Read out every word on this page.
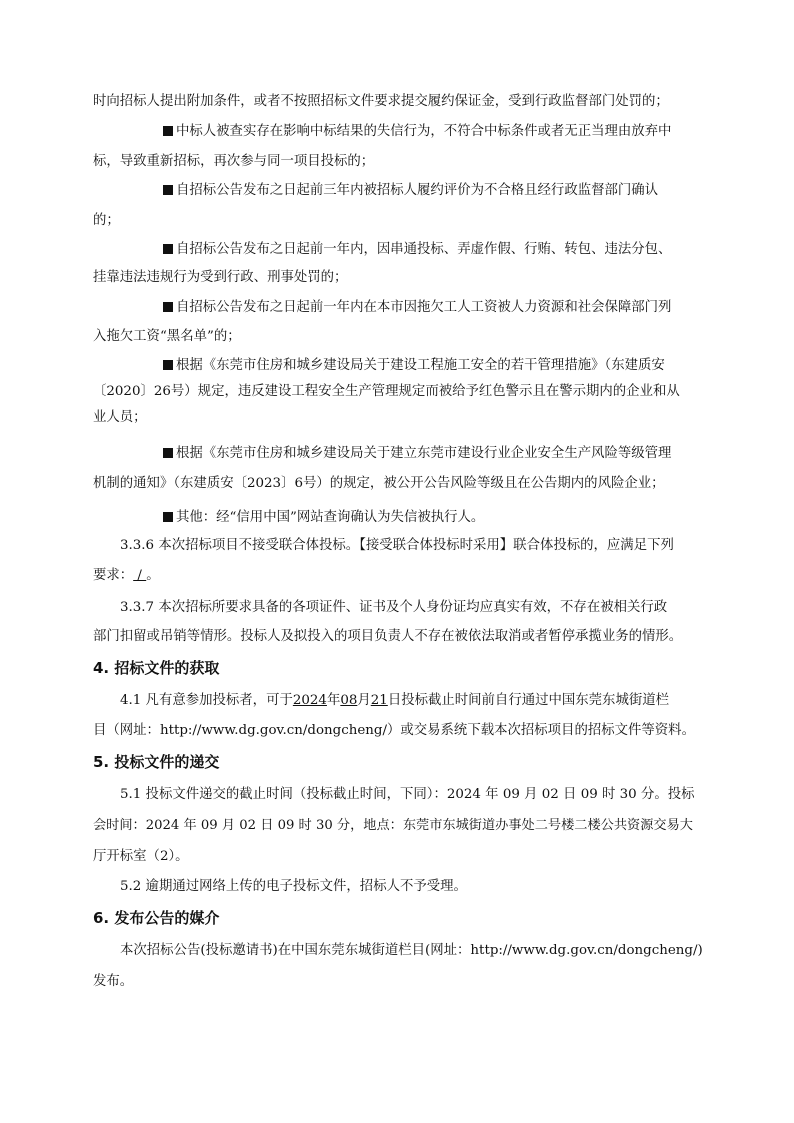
时向招标人提出附加条件，或者不按照招标文件要求提交履约保证金，受到行政监督部门处罚的；
中标人被查实存在影响中标结果的失信行为，不符合中标条件或者无正当理由放弃中
标，导致重新招标，再次参与同一项目投标的；
自招标公告发布之日起前三年内被招标人履约评价为不合格且经行政监督部门确认
的；
自招标公告发布之日起前一年内，因串通投标、弄虚作假、行贿、转包、违法分包、
挂靠违法违规行为受到行政、刑事处罚的；
自招标公告发布之日起前一年内在本市因拖欠工人工资被人力资源和社会保障部门列
入拖欠工资“黑名单”的；
根据《东莞市住房和城乡建设局关于建设工程施工安全的若干管理措施》（东建质安
〔2020〕26号）规定，违反建设工程安全生产管理规定而被给予红色警示且在警示期内的企业和从
业人员；
根据《东莞市住房和城乡建设局关于建立东莞市建设行业企业安全生产风险等级管理
机制的通知》（东建质安〔2023〕6号）的规定，被公开公告风险等级且在公告期内的风险企业；
其他：经“信用中国”网站查询确认为失信被执行人。
3.3.6 本次招标项目不接受联合体投标。【接受联合体投标时采用】联合体投标的，应满足下列
要求： / 。
3.3.7 本次招标所要求具备的各项证件、证书及个人身份证均应真实有效，不存在被相关行政
部门扣留或吊销等情形。投标人及拟投入的项目负责人不存在被依法取消或者暂停承揽业务的情形。
4. 招标文件的获取
4.1 凡有意参加投标者，可于2024年08月21日投标截止时间前自行通过中国东莞东城街道栏
目（网址：http://www.dg.gov.cn/dongcheng/）或交易系统下载本次招标项目的招标文件等资料。
5. 投标文件的递交
5.1 投标文件递交的截止时间（投标截止时间，下同）：2024 年 09 月 02 日 09 时 30 分。投标
会时间：2024 年 09 月 02 日 09 时 30 分，地点：东莞市东城街道办事处二号楼二楼公共资源交易大
厅开标室（2）。
5.2 逾期通过网络上传的电子投标文件，招标人不予受理。
6. 发布公告的媒介
本次招标公告(投标邀请书)在中国东莞东城街道栏目(网址：http://www.dg.gov.cn/dongcheng/)
发布。
